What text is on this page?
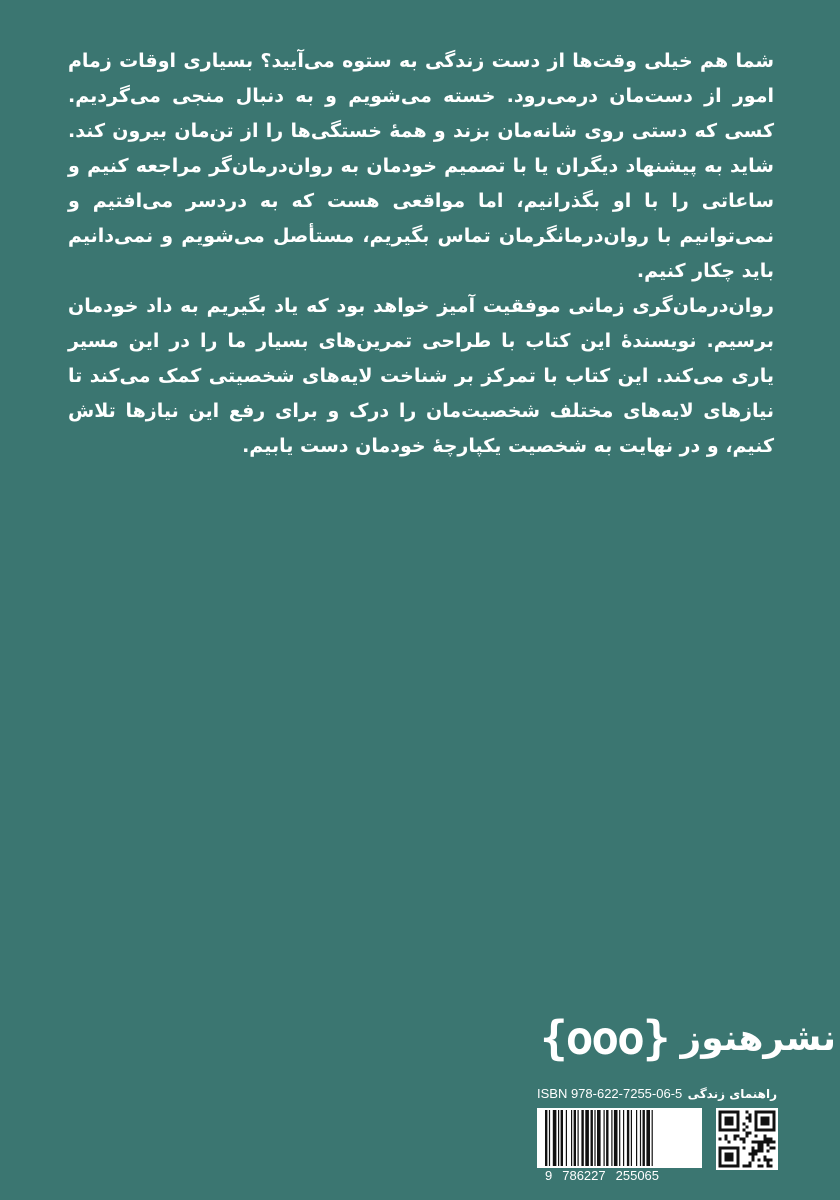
شما هم خیلی وقت‌ها از دست زندگی به ستوه می‌آیید؟ بسیاری اوقات زمام امور از دست‌مان در‌می‌رود. خسته می‌شویم و به دنبال منجی می‌گردیم. کسی که دستی روی شانه‌مان بزند و همهٔ خستگی‌ها را از تن‌مان بیرون کند. شاید به پیشنهاد دیگران یا با تصمیم خودمان به روان‌درمان‌گر مراجعه کنیم و ساعاتی را با او بگذرانیم، اما مواقعی هست که به دردسر می‌افتیم و نمی‌توانیم با روان‌درمانگرمان تماس بگیریم، مستأصل می‌شویم و نمی‌دانیم باید چکار کنیم.

روان‌درمان‌گری زمانی موفقیت آمیز خواهد بود که یاد بگیریم به داد خودمان برسیم. نویسندهٔ این کتاب با طراحی تمرین‌های بسیار ما را در این مسیر یاری می‌کند. این کتاب با تمرکز بر شناخت لایه‌های شخصیتی کمک می‌کند تا نیازهای لایه‌های مختلف شخصیت‌مان را درک و برای رفع این نیازها تلاش کنیم، و در نهایت به شخصیت یکپارچهٔ خودمان دست یابیم.

{ooo} نشرهنوز
ISBN 978-622-7255-06-5 راهنمای زندگی
9 786227 255065
